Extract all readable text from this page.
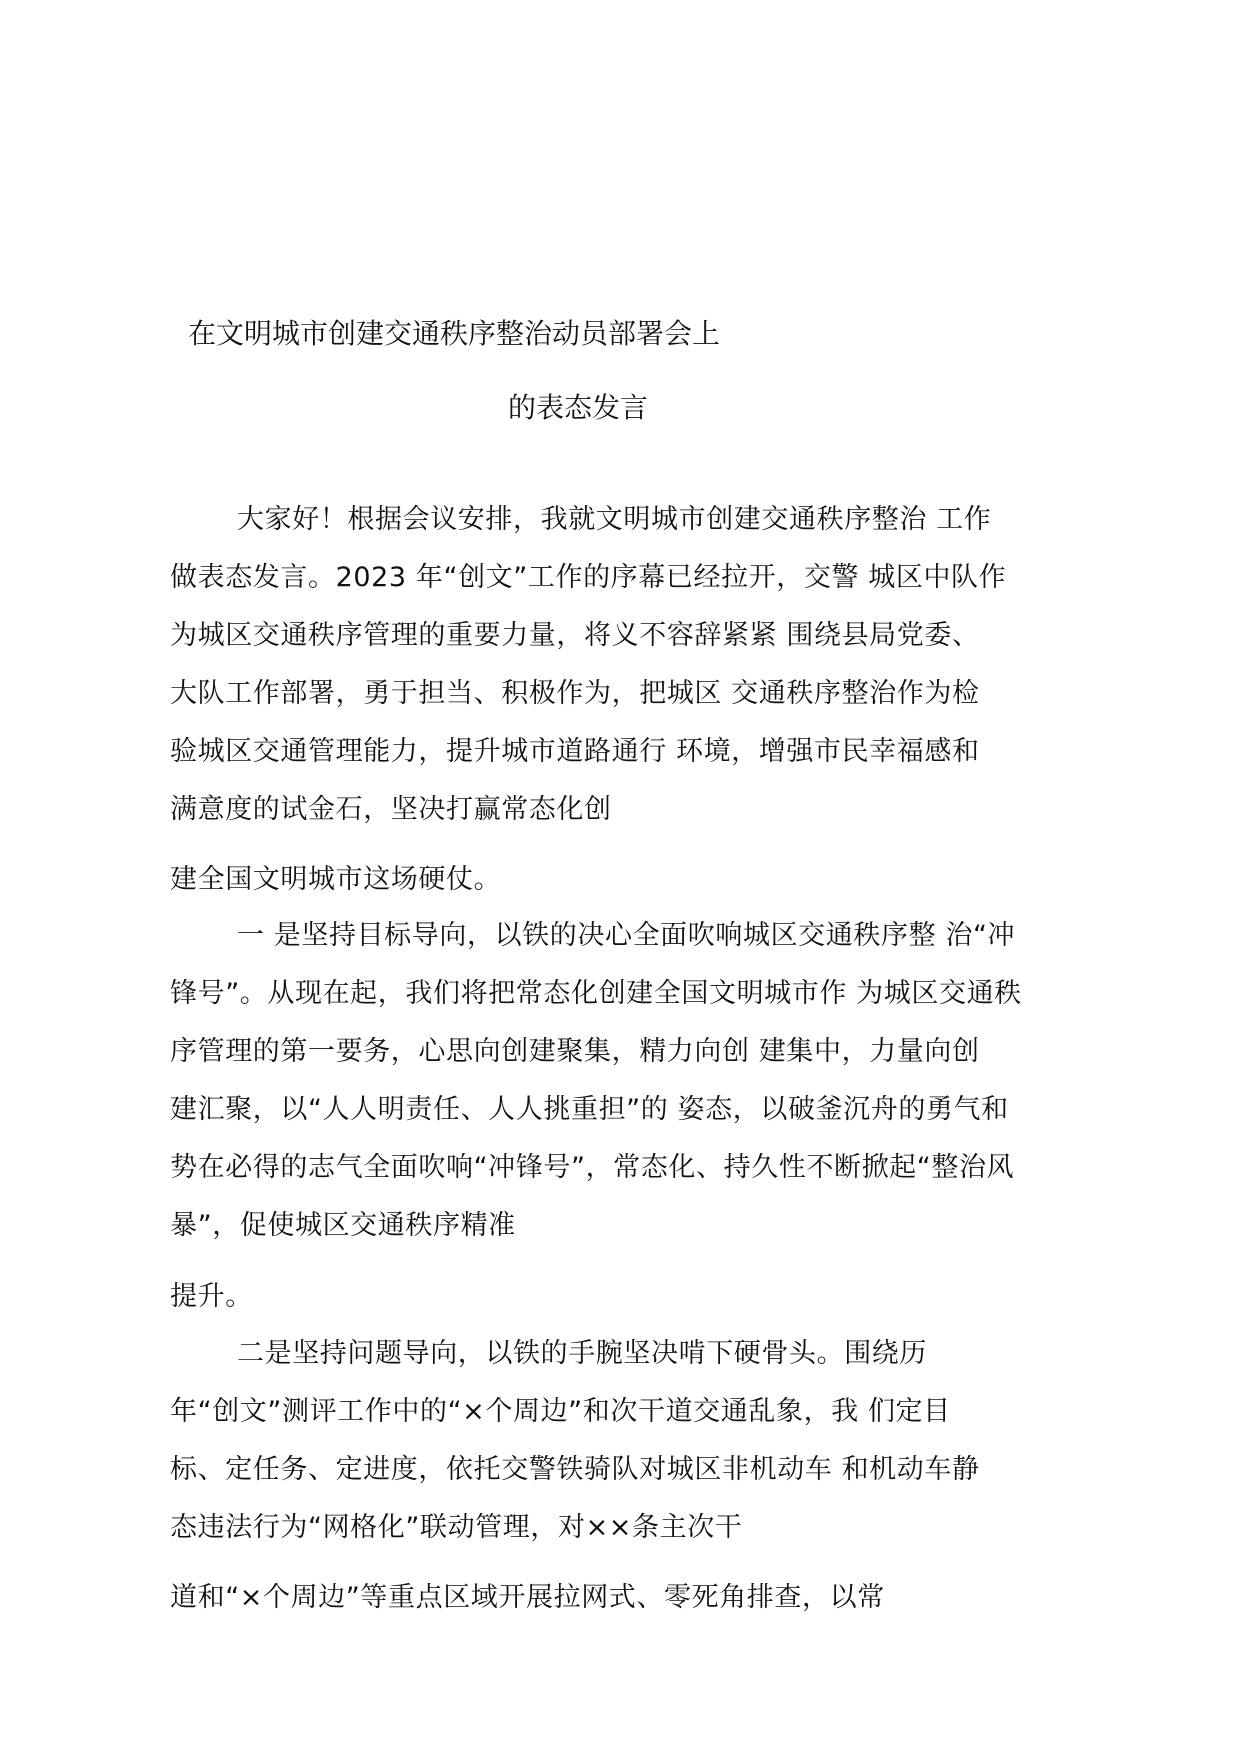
在文明城市创建交通秩序整治动员部署会上
的表态发言
大家好！根据会议安排，我就文明城市创建交通秩序整治 工作
做表态发言。2023 年“创文”工作的序幕已经拉开，交警 城区中队作
为城区交通秩序管理的重要力量，将义不容辞紧紧 围绕县局党委、
大队工作部署，勇于担当、积极作为，把城区 交通秩序整治作为检
验城区交通管理能力，提升城市道路通行 环境，增强市民幸福感和
满意度的试金石，坚决打赢常态化创
建全国文明城市这场硬仗。
一 是坚持目标导向，以铁的决心全面吹响城区交通秩序整 治“冲
锋号”。从现在起，我们将把常态化创建全国文明城市作 为城区交通秩
序管理的第一要务，心思向创建聚集，精力向创 建集中，力量向创
建汇聚，以“人人明责任、人人挑重担”的 姿态，以破釜沉舟的勇气和
势在必得的志气全面吹响“冲锋号”，常态化、持久性不断掀起“整治风
暴”，促使城区交通秩序精准
提升。
二是坚持问题导向，以铁的手腕坚决啃下硬骨头。围绕历
年“创文”测评工作中的“×个周边”和次干道交通乱象，我 们定目
标、定任务、定进度，依托交警铁骑队对城区非机动车 和机动车静
态违法行为“网格化”联动管理，对××条主次干
道和“×个周边”等重点区域开展拉网式、零死角排查，以常
